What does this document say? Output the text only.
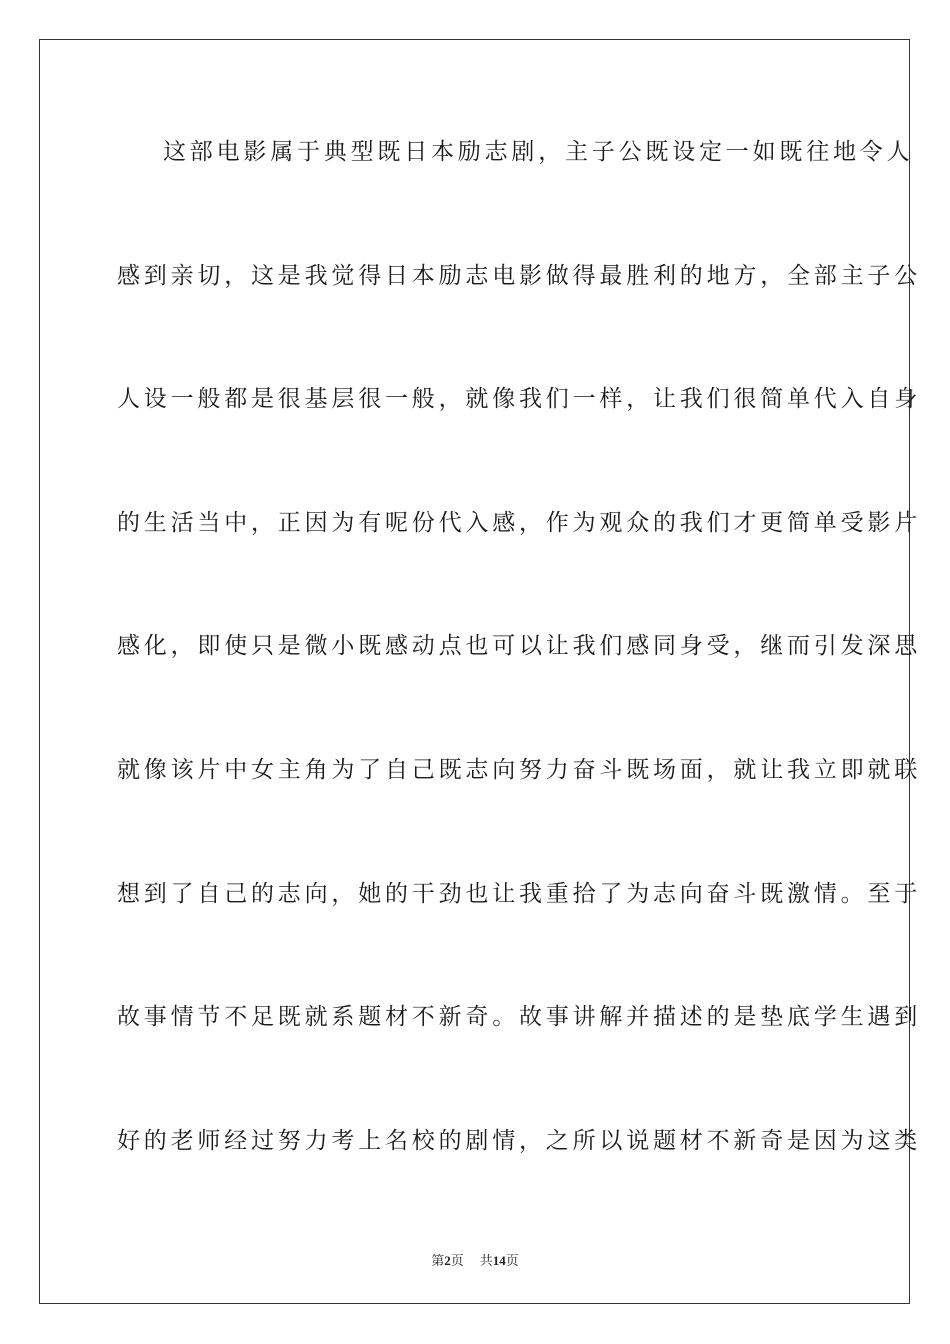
这部电影属于典型既日本励志剧，主子公既设定一如既往地令人
感到亲切，这是我觉得日本励志电影做得最胜利的地方，全部主子公
人设一般都是很基层很一般，就像我们一样，让我们很简单代入自身
的生活当中，正因为有呢份代入感，作为观众的我们才更简单受影片
感化，即使只是微小既感动点也可以让我们感同身受，继而引发深思
就像该片中女主角为了自己既志向努力奋斗既场面，就让我立即就联
想到了自己的志向，她的干劲也让我重拾了为志向奋斗既激情。至于
故事情节不足既就系题材不新奇。故事讲解并描述的是垫底学生遇到
好的老师经过努力考上名校的剧情，之所以说题材不新奇是因为这类
第2页 共14页
